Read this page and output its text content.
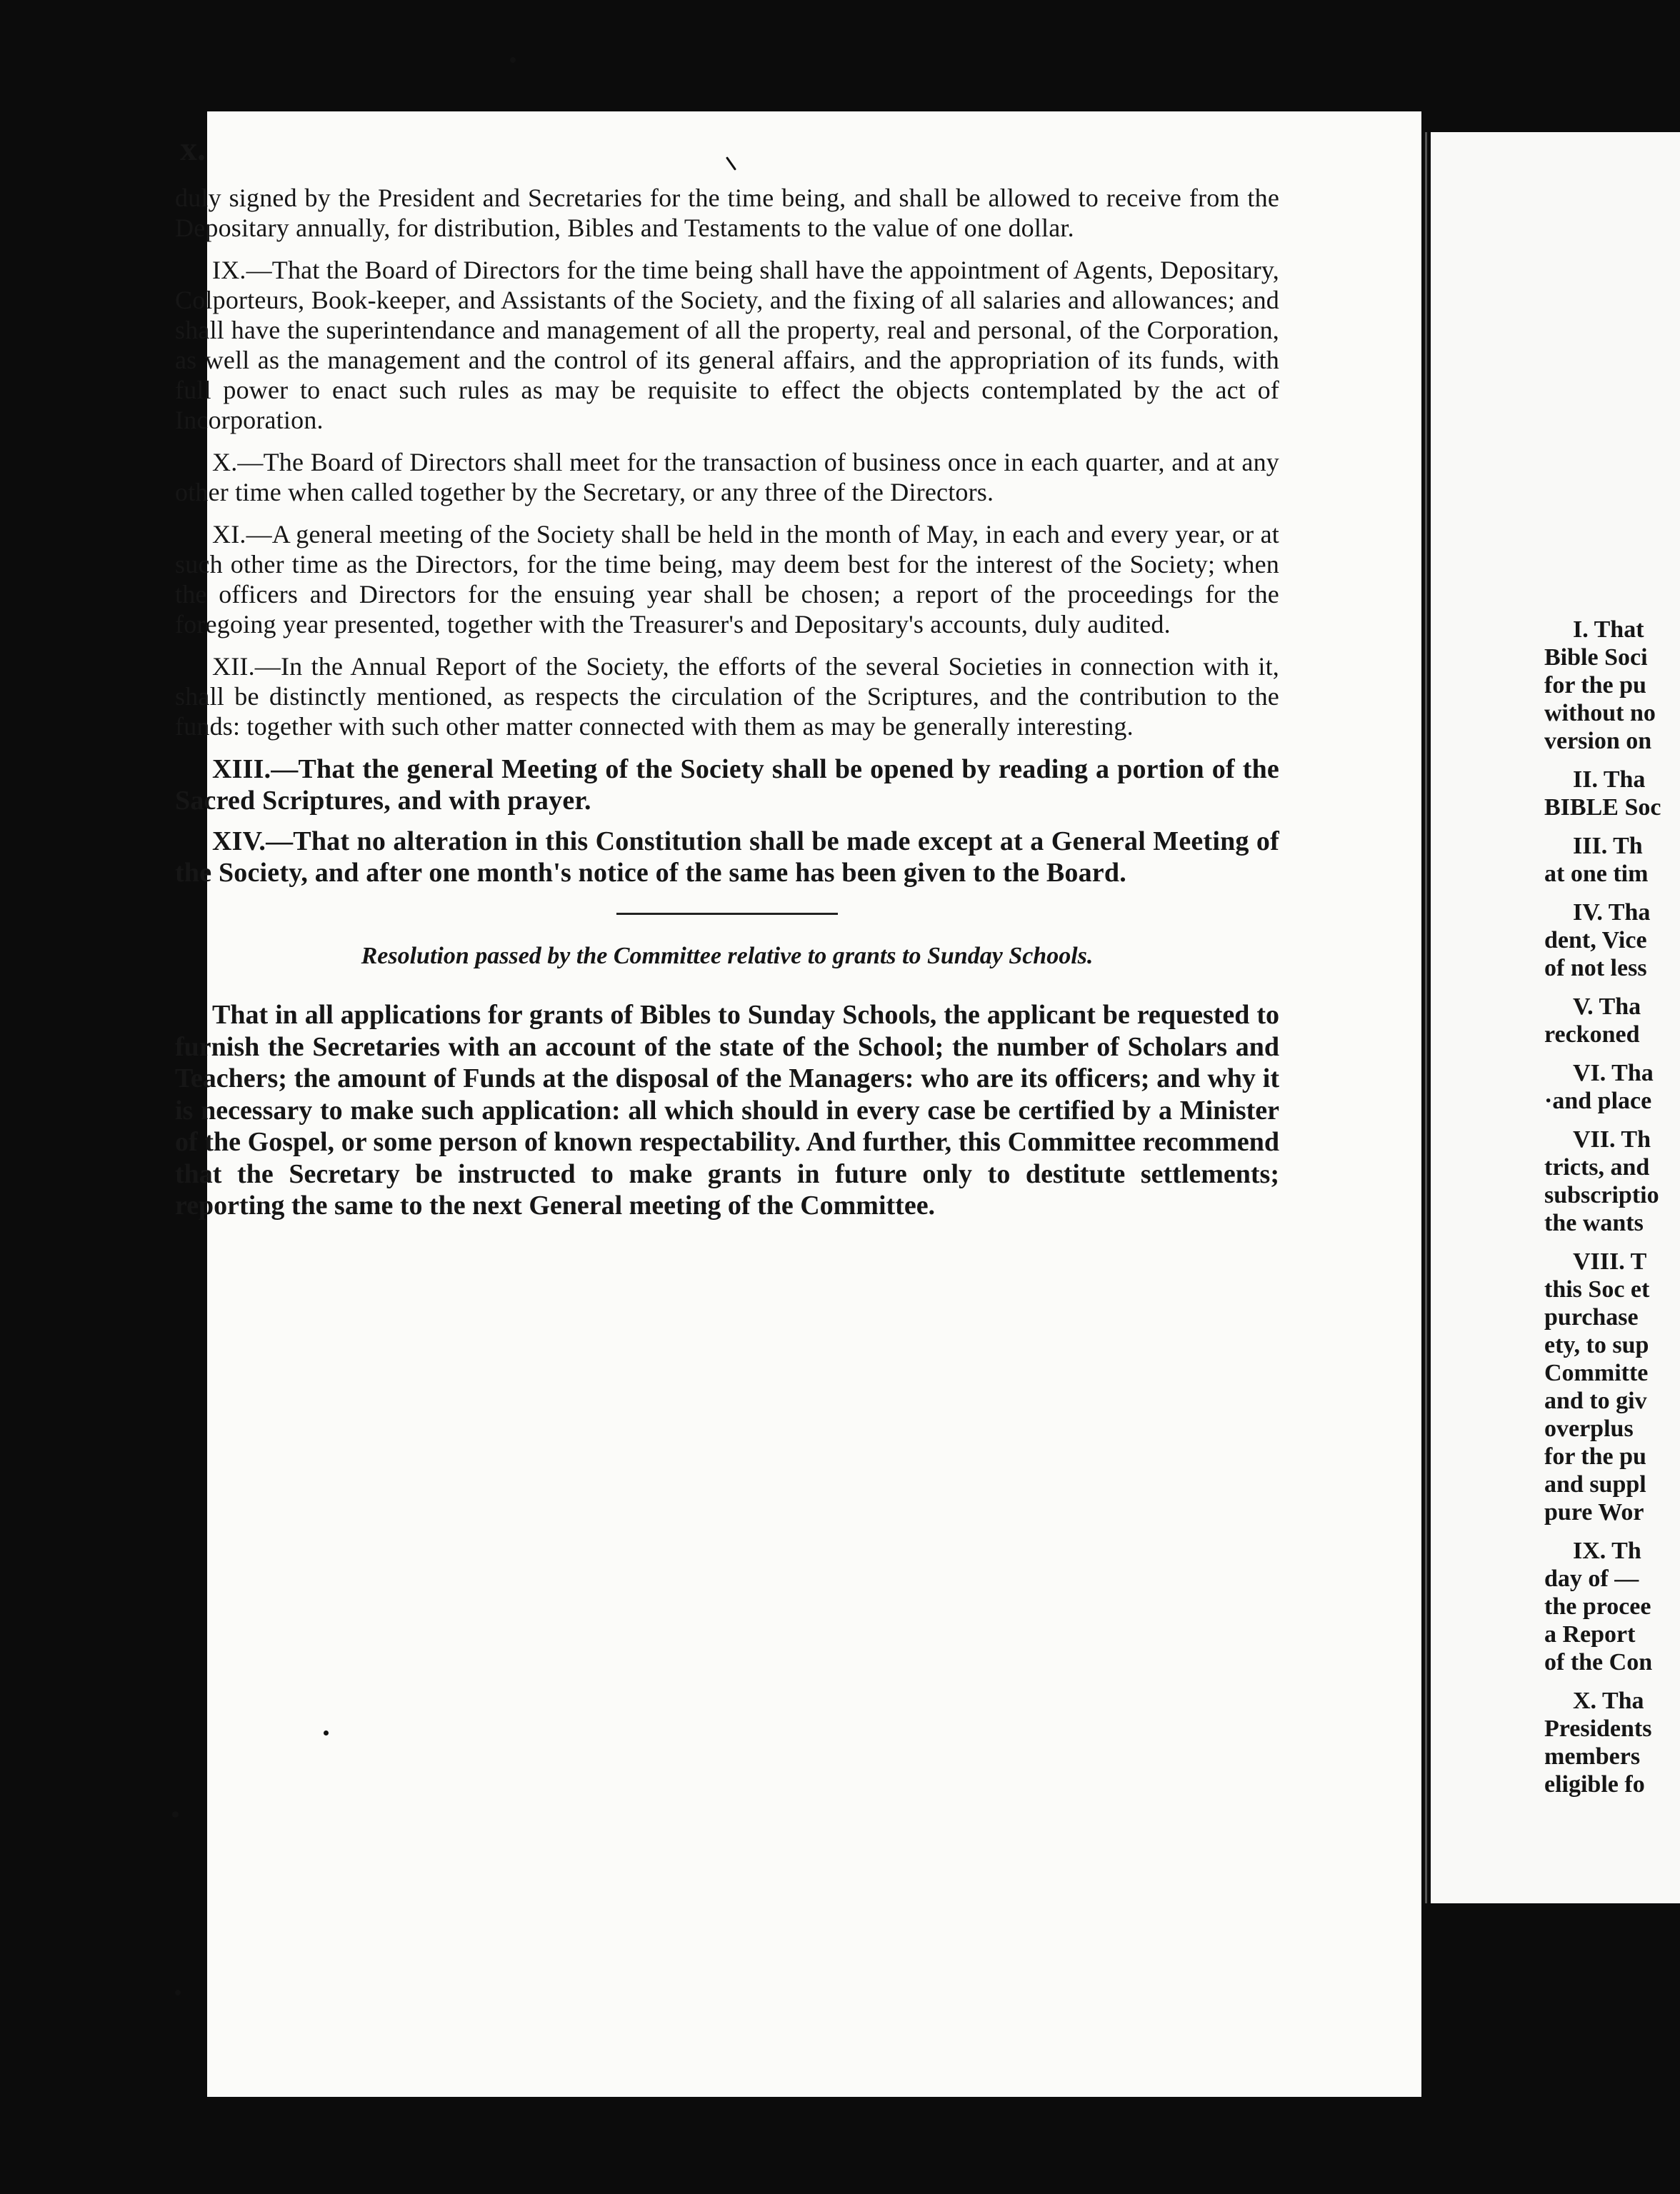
x.

duly signed by the President and Secretaries for the time being, and shall be allowed to receive from the Depositary annually, for distribution, Bibles and Testaments to the value of one dollar.

IX.—That the Board of Directors for the time being shall have the appointment of Agents, Depositary, Colporteurs, Book-keeper, and Assistants of the Society, and the fixing of all salaries and allowances; and shall have the superintendance and management of all the property, real and personal, of the Corporation, as well as the management and the control of its general affairs, and the appropriation of its funds, with full power to enact such rules as may be requisite to effect the objects contemplated by the act of Incorporation.

X.—The Board of Directors shall meet for the transaction of business once in each quarter, and at any other time when called together by the Secretary, or any three of the Directors.

XI.—A general meeting of the Society shall be held in the month of May, in each and every year, or at such other time as the Directors, for the time being, may deem best for the interest of the Society; when the officers and Directors for the ensuing year shall be chosen; a report of the proceedings for the foregoing year presented, together with the Treasurer's and Depositary's accounts, duly audited.

XII.—In the Annual Report of the Society, the efforts of the several Societies in connection with it, shall be distinctly mentioned, as respects the circulation of the Scriptures, and the contribution to the funds: together with such other matter connected with them as may be generally interesting.

XIII.—That the general Meeting of the Society shall be opened by reading a portion of the Sacred Scriptures, and with prayer.

XIV.—That no alteration in this Constitution shall be made except at a General Meeting of the Society, and after one month's notice of the same has been given to the Board.

Resolution passed by the Committee relative to grants to Sunday Schools.

That in all applications for grants of Bibles to Sunday Schools, the applicant be requested to furnish the Secretaries with an account of the state of the School; the number of Scholars and Teachers; the amount of Funds at the disposal of the Managers: who are its officers; and why it is necessary to make such application: all which should in every case be certified by a Minister of the Gospel, or some person of known respectability. And further, this Committee recommend that the Secretary be instructed to make grants in future only to destitute settlements; reporting the same to the next General meeting of the Committee.

I. That
Bible Soci
for the pu
without no
version on
II. Tha
BIBLE Soc
III. Th
at one tim
IV. Tha
dent, Vice
of not less
V. Tha
reckoned
VI. Tha
·and place
VII. Th
tricts, and
subscriptio
the wants
VIII. T
this Soc et
purchase
ety, to sup
Committe
and to giv
overplus
for the pu
and suppl
pure Wor
IX. Th
day of —
the procee
a Report
of the Con
X. Tha
Presidents
members
eligible fo
